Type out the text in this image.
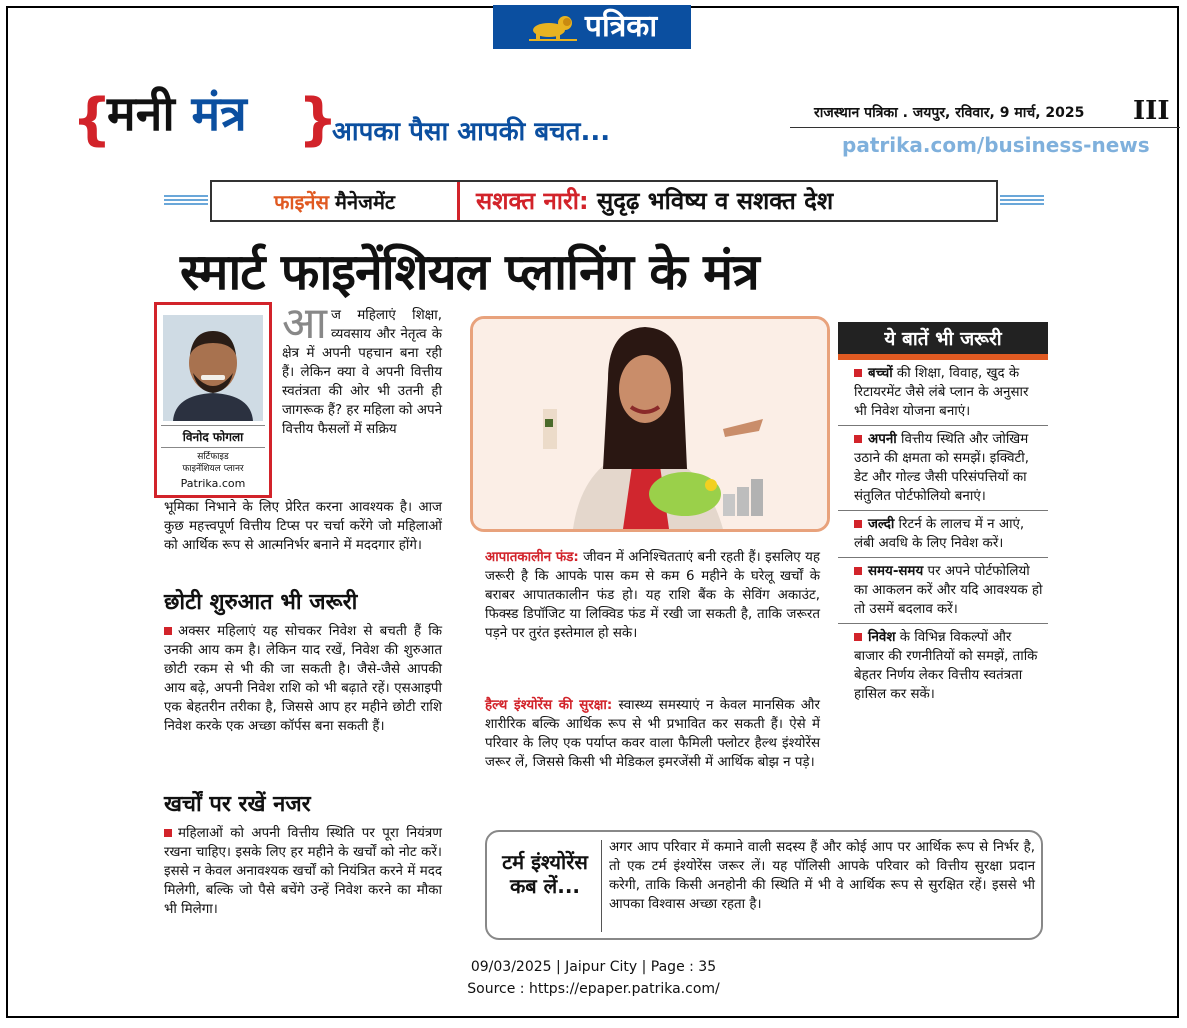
पत्रिका
{
मनी मंत्र }
आपका पैसा आपकी बचत...
राजस्थान पत्रिका . जयपुर, रविवार, 9 मार्च, 2025 III
patrika.com/business-news
फाइनेंस मैनेजमेंट	सशक्त नारी: सुदृढ़ भविष्य व सशक्त देश
स्मार्ट फाइनेंशियल प्लानिंग के मंत्र
विनोद फोगला
सर्टिफाइड
फाइनेंशियल प्लानर
Patrika.com
आज महिलाएं शिक्षा, व्यवसाय और नेतृत्व के क्षेत्र में अपनी पहचान बना रही हैं। लेकिन क्या वे अपनी वित्तीय स्वतंत्रता की ओर भी उतनी ही जागरूक हैं? हर महिला को अपने वित्तीय फैसलों में सक्रिय
भूमिका निभाने के लिए प्रेरित करना आवश्यक है। आज कुछ महत्त्वपूर्ण वित्तीय टिप्स पर चर्चा करेंगे जो महिलाओं को आर्थिक रूप से आत्मनिर्भर बनाने में मददगार होंगे।
छोटी शुरुआत भी जरूरी
अक्सर महिलाएं यह सोचकर निवेश से बचती हैं कि उनकी आय कम है। लेकिन याद रखें, निवेश की शुरुआत छोटी रकम से भी की जा सकती है। जैसे-जैसे आपकी आय बढ़े, अपनी निवेश राशि को भी बढ़ाते रहें। एसआइपी एक बेहतरीन तरीका है, जिससे आप हर महीने छोटी राशि निवेश करके एक अच्छा कॉर्पस बना सकती हैं।
खर्चों पर रखें नजर
महिलाओं को अपनी वित्तीय स्थिति पर पूरा नियंत्रण रखना चाहिए। इसके लिए हर महीने के खर्चों को नोट करें। इससे न केवल अनावश्यक खर्चों को नियंत्रित करने में मदद मिलेगी, बल्कि जो पैसे बचेंगे उन्हें निवेश करने का मौका भी मिलेगा।
आपातकालीन फंड: जीवन में अनिश्चितताएं बनी रहती हैं। इसलिए यह जरूरी है कि आपके पास कम से कम 6 महीने के घरेलू खर्चों के बराबर आपातकालीन फंड हो। यह राशि बैंक के सेविंग अकाउंट, फिक्स्ड डिपॉजिट या लिक्विड फंड में रखी जा सकती है, ताकि जरूरत पड़ने पर तुरंत इस्तेमाल हो सके।
हैल्थ इंश्योरेंस की सुरक्षा: स्वास्थ्य समस्याएं न केवल मानसिक और शारीरिक बल्कि आर्थिक रूप से भी प्रभावित कर सकती हैं। ऐसे में परिवार के लिए एक पर्याप्त कवर वाला फैमिली फ्लोटर हैल्थ इंश्योरेंस जरूर लें, जिससे किसी भी मेडिकल इमरजेंसी में आर्थिक बोझ न पड़े।
ये बातें भी जरूरी
बच्चों की शिक्षा, विवाह, खुद के रिटायरमेंट जैसे लंबे प्लान के अनुसार भी निवेश योजना बनाएं।
अपनी वित्तीय स्थिति और जोखिम उठाने की क्षमता को समझें। इक्विटी, डेट और गोल्ड जैसी परिसंपत्तियों का संतुलित पोर्टफोलियो बनाएं।
जल्दी रिटर्न के लालच में न आएं, लंबी अवधि के लिए निवेश करें।
समय-समय पर अपने पोर्टफोलियो का आकलन करें और यदि आवश्यक हो तो उसमें बदलाव करें।
निवेश के विभिन्न विकल्पों और बाजार की रणनीतियों को समझें, ताकि बेहतर निर्णय लेकर वित्तीय स्वतंत्रता हासिल कर सकें।
टर्म इंश्योरेंस कब लें...
अगर आप परिवार में कमाने वाली सदस्य हैं और कोई आप पर आर्थिक रूप से निर्भर है, तो एक टर्म इंश्योरेंस जरूर लें। यह पॉलिसी आपके परिवार को वित्तीय सुरक्षा प्रदान करेगी, ताकि किसी अनहोनी की स्थिति में भी वे आर्थिक रूप से सुरक्षित रहें। इससे भी आपका विश्वास अच्छा रहता है।
09/03/2025 | Jaipur City | Page : 35
Source : https://epaper.patrika.com/
